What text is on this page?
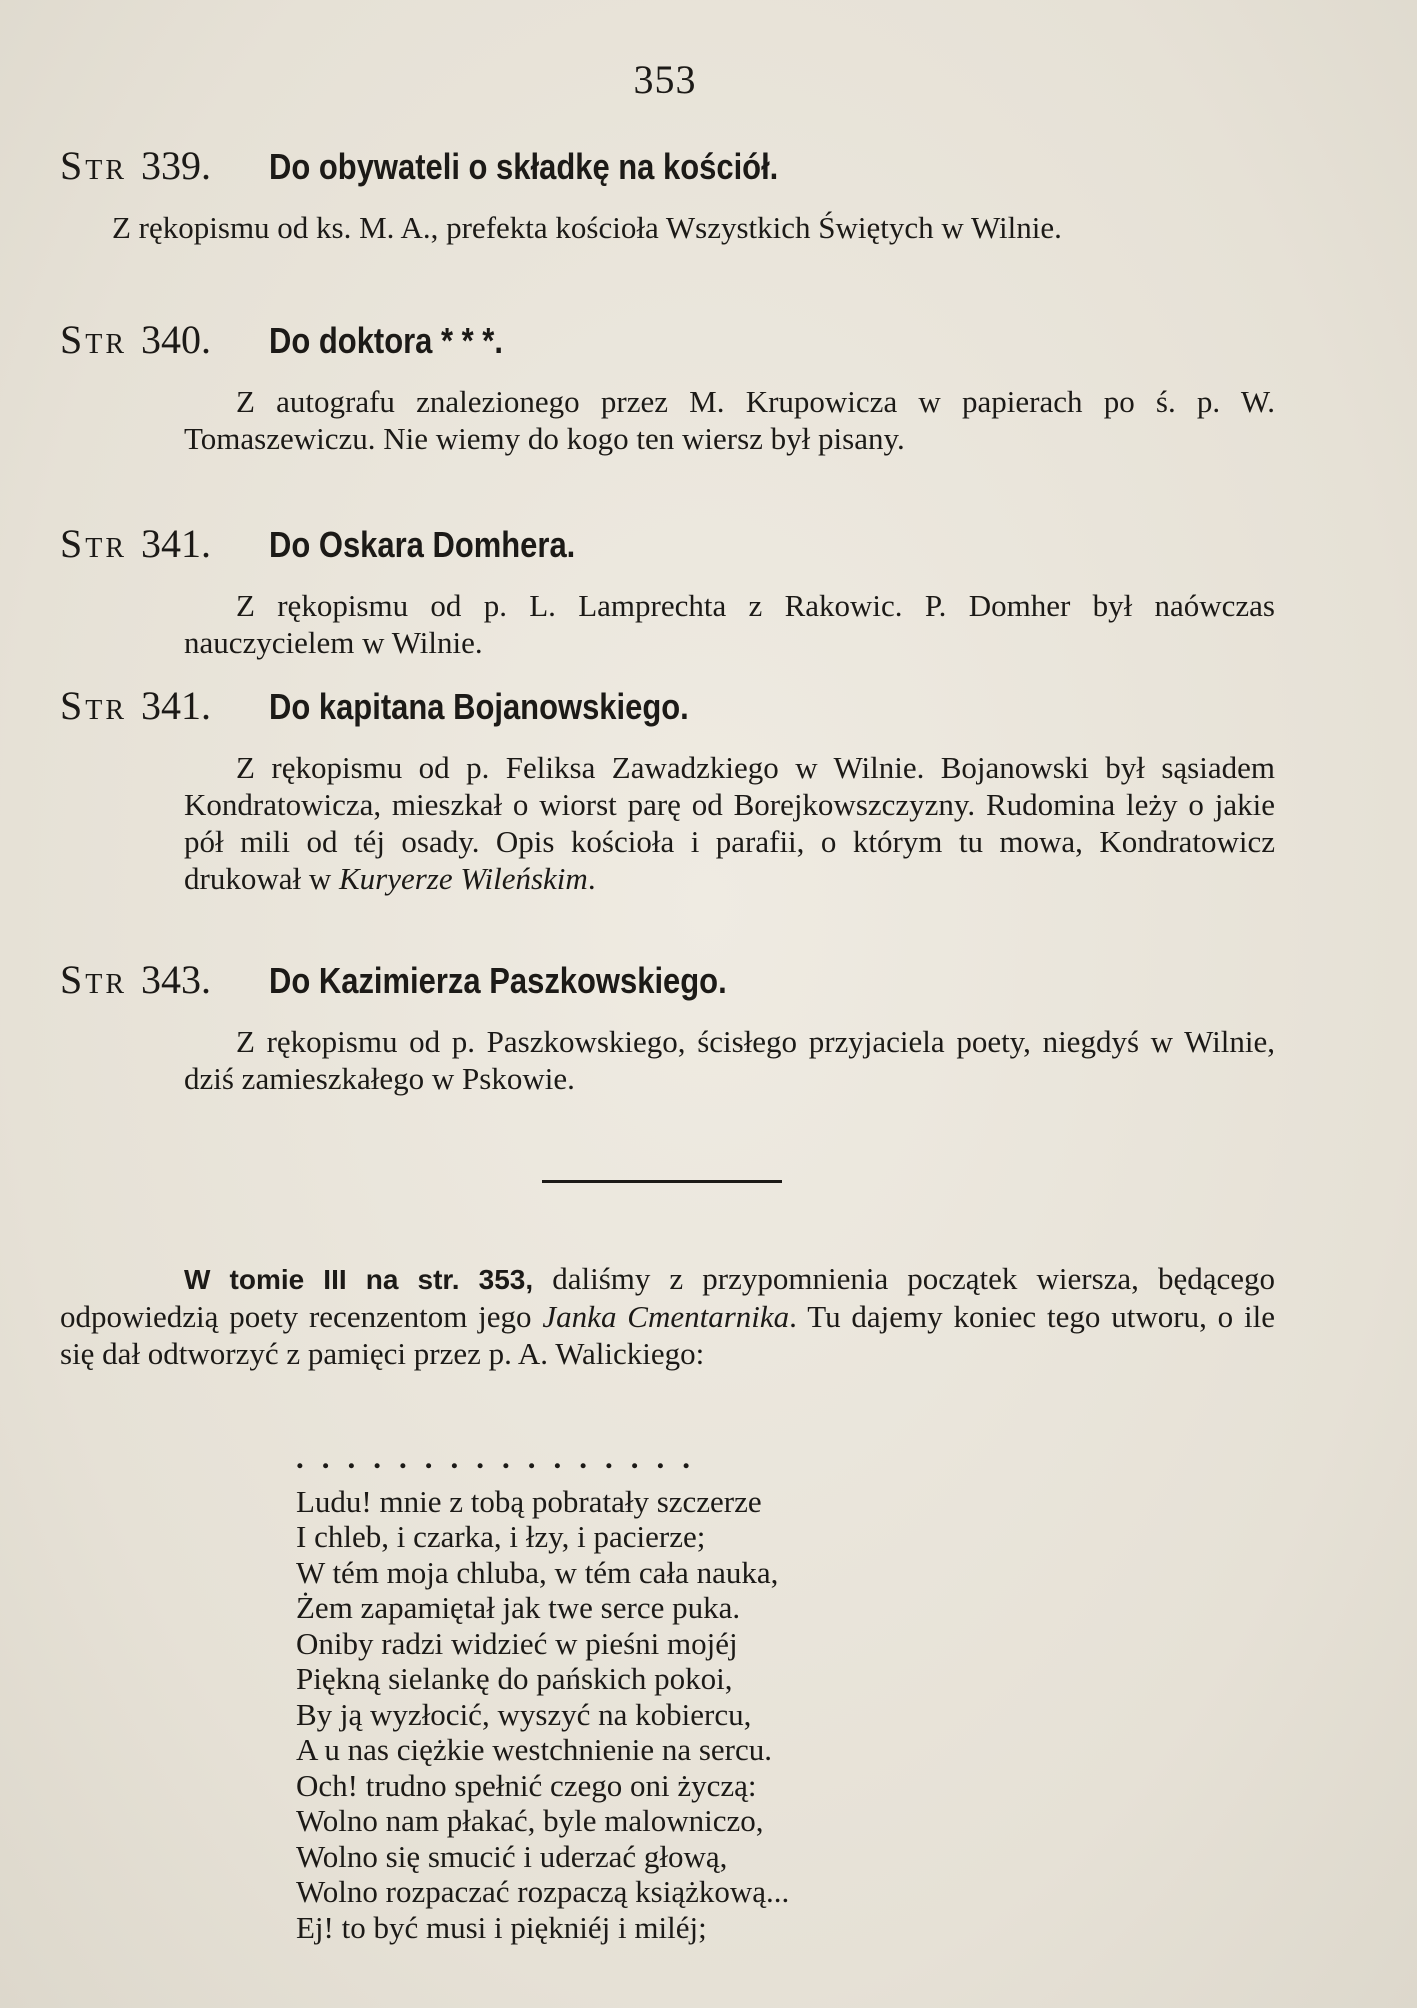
353
Str 339. Do obywateli o składkę na kościół.
Z rękopismu od ks. M. A., prefekta kościoła Wszystkich Świętych w Wilnie.
Str 340. Do doktora * * *.
Z autografu znalezionego przez M. Krupowicza w papierach po ś. p. W. Tomaszewiczu. Nie wiemy do kogo ten wiersz był pisany.
Str 341. Do Oskara Domhera.
Z rękopismu od p. L. Lamprechta z Rakowic. P. Domher był naówczas nauczycielem w Wilnie.
Str 341. Do kapitana Bojanowskiego.
Z rękopismu od p. Feliksa Zawadzkiego w Wilnie. Bojanowski był sąsiadem Kondratowicza, mieszkał o wiorst parę od Borejkowszczyzny. Rudomina leży o jakie pół mili od téj osady. Opis kościoła i parafii, o którym tu mowa, Kondratowicz drukował w Kuryerze Wileńskim.
Str 343. Do Kazimierza Paszkowskiego.
Z rękopismu od p. Paszkowskiego, ścisłego przyjaciela poety, niegdyś w Wilnie, dziś zamieszkałego w Pskowie.
W tomie III na str. 353, daliśmy z przypomnienia początek wiersza, będącego odpowiedzią poety recenzentom jego Janka Cmentarnika. Tu dajemy koniec tego utworu, o ile się dał odtworzyć z pamięci przez p. A. Walickiego:
................
Ludu! mnie z tobą pobratały szczerze
I chleb, i czarka, i łzy, i pacierze;
W tém moja chluba, w tém cała nauka,
Żem zapamiętał jak twe serce puka.
Oniby radzi widzieć w pieśni mojéj
Piękną sielankę do pańskich pokoi,
By ją wyzłocić, wyszyć na kobiercu,
A u nas ciężkie westchnienie na sercu.
Och! trudno spełnić czego oni życzą:
Wolno nam płakać, byle malowniczo,
Wolno się smucić i uderzać głową,
Wolno rozpaczać rozpaczą książkową...
Ej! to być musi i piękniéj i miléj;
